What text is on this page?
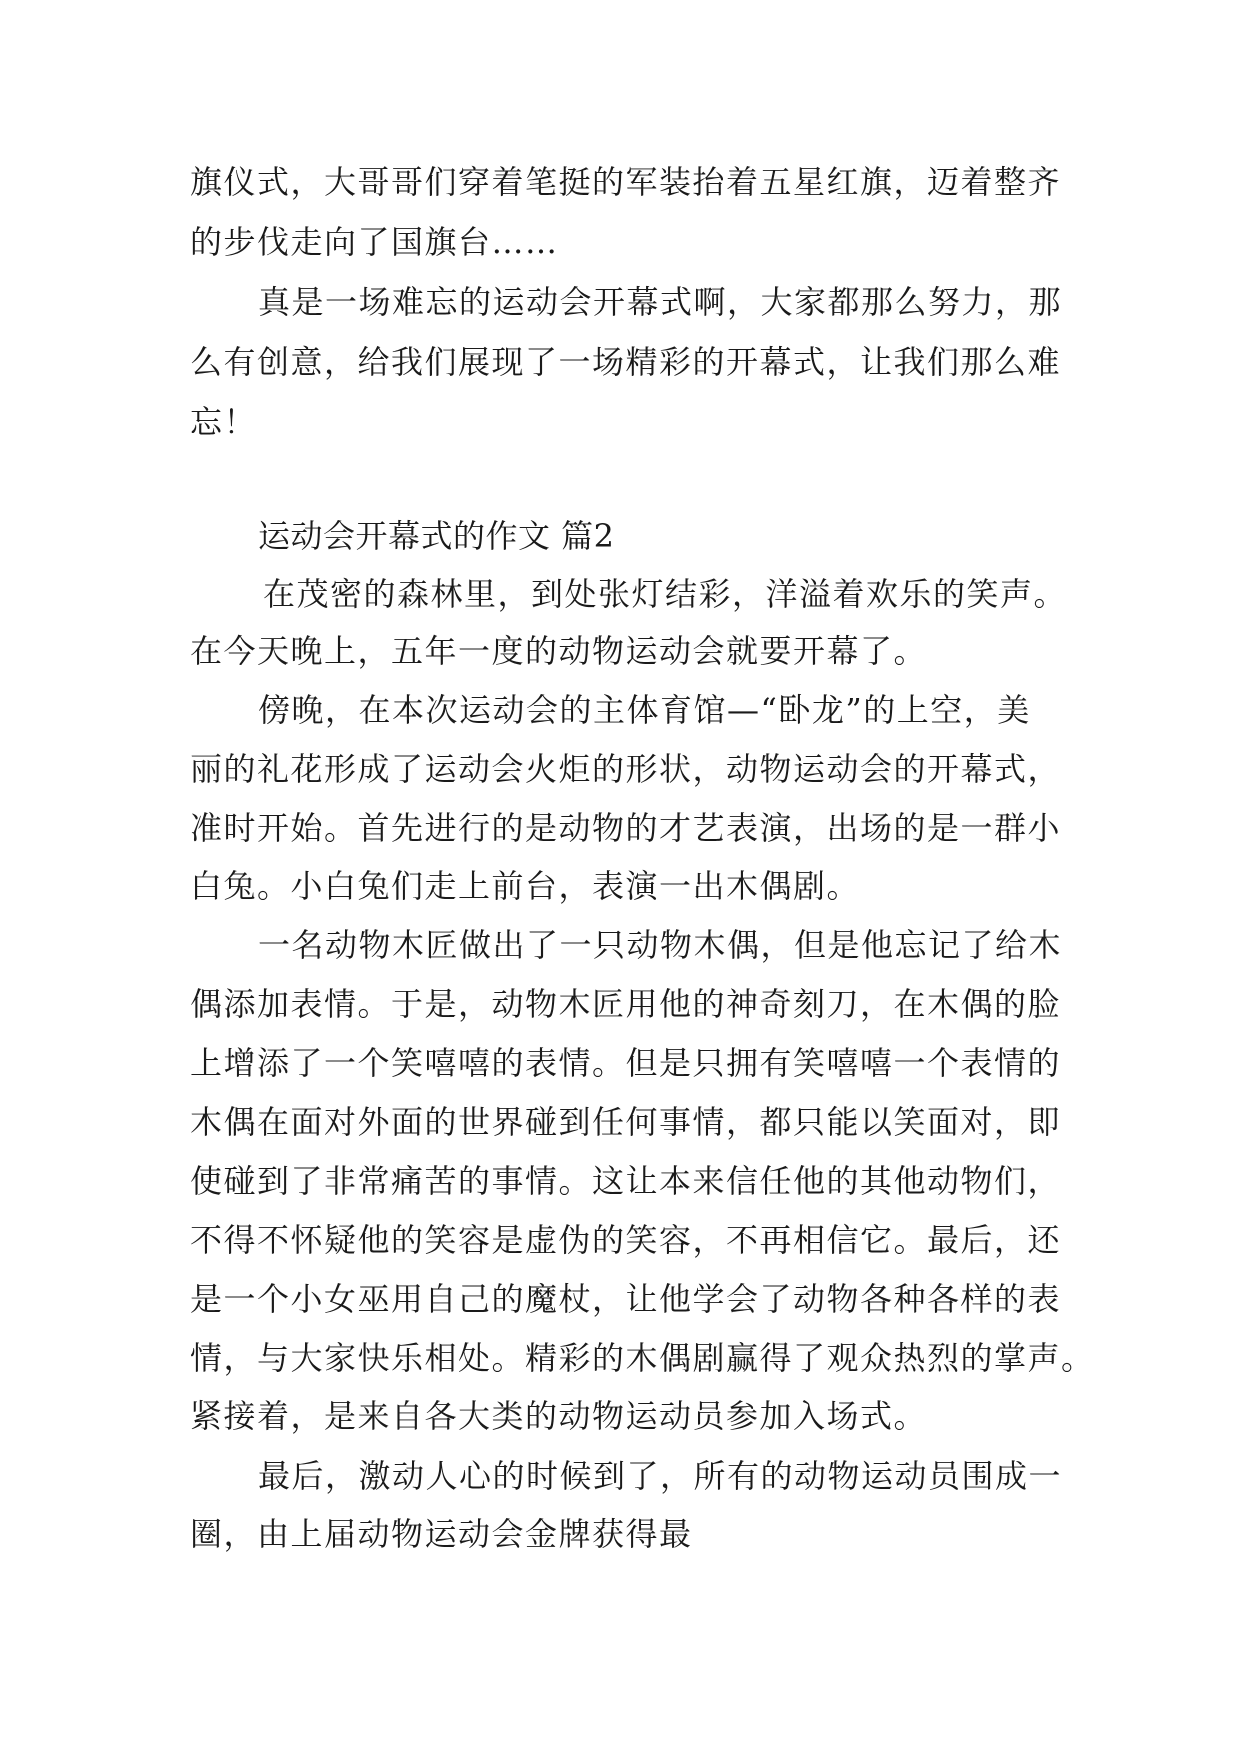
旗仪式，大哥哥们穿着笔挺的军装抬着五星红旗，迈着整齐
的步伐走向了国旗台……
真是一场难忘的运动会开幕式啊，大家都那么努力，那
么有创意，给我们展现了一场精彩的开幕式，让我们那么难
忘！
运动会开幕式的作文 篇2
在茂密的森林里，到处张灯结彩，洋溢着欢乐的笑声。
在今天晚上，五年一度的动物运动会就要开幕了。
傍晚，在本次运动会的主体育馆—“卧龙”的上空，美
丽的礼花形成了运动会火炬的形状，动物运动会的开幕式，
准时开始。首先进行的是动物的才艺表演，出场的是一群小
白兔。小白兔们走上前台，表演一出木偶剧。
一名动物木匠做出了一只动物木偶，但是他忘记了给木
偶添加表情。于是，动物木匠用他的神奇刻刀，在木偶的脸
上增添了一个笑嘻嘻的表情。但是只拥有笑嘻嘻一个表情的
木偶在面对外面的世界碰到任何事情，都只能以笑面对，即
使碰到了非常痛苦的事情。这让本来信任他的其他动物们，
不得不怀疑他的笑容是虚伪的笑容，不再相信它。最后，还
是一个小女巫用自己的魔杖，让他学会了动物各种各样的表
情，与大家快乐相处。精彩的木偶剧赢得了观众热烈的掌声。
紧接着，是来自各大类的动物运动员参加入场式。
最后，激动人心的时候到了，所有的动物运动员围成一
圈，由上届动物运动会金牌获得最
